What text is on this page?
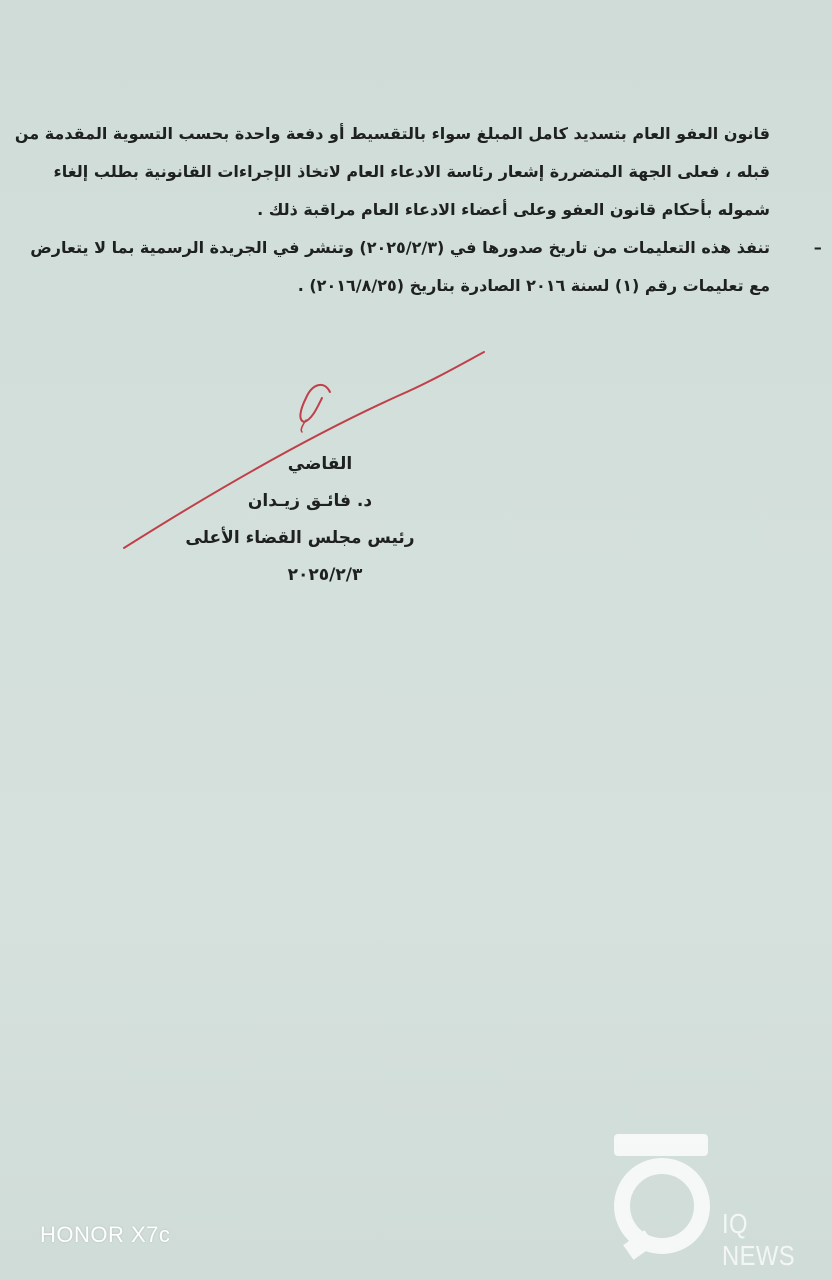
قانون العفو العام بتسديد كامل المبلغ سواء بالتقسيط أو دفعة واحدة بحسب التسوية المقدمة من
قبله ، فعلى الجهة المتضررة إشعار رئاسة الادعاء العام لاتخاذ الإجراءات القانونية بطلب إلغاء
شموله بأحكام قانون العفو وعلى أعضاء الادعاء العام مراقبة ذلك .
–
تنفذ هذه التعليمات من تاريخ صدورها في (٢٠٢٥/٢/٣) وتنشر في الجريدة الرسمية بما لا يتعارض
مع تعليمات رقم (١) لسنة ٢٠١٦ الصادرة بتاريخ (٢٠١٦/٨/٢٥) .
القاضي
د. فائـق زيـدان
رئيس مجلس القضاء الأعلى
٢٠٢٥/٢/٣
IQ NEWS
HONOR X7c
